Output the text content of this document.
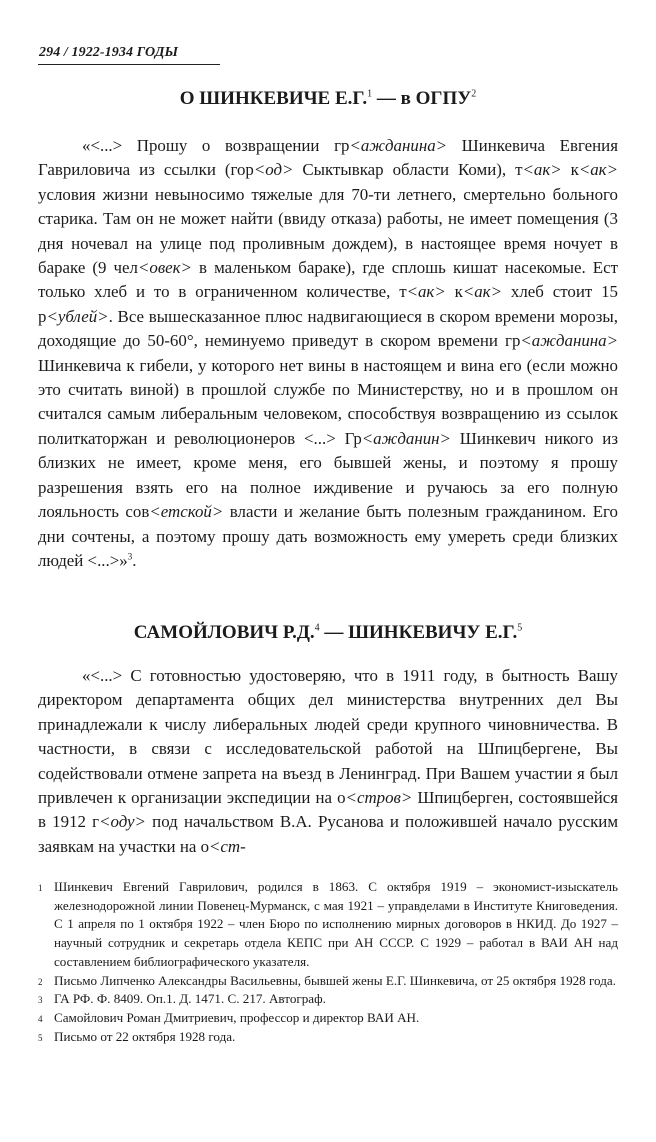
294 / 1922-1934 ГОДЫ
О ШИНКЕВИЧЕ Е.Г.$^1$ — в ОГПУ$^2$

«<...> Прошу о возвращении гр<ажданина> Шинкевича Евгения Гавриловича из ссылки (гор<од> Сыктывкар области Коми), т<ак> к<ак> условия жизни невыносимо тяжелые для 70-ти летнего, смертельно больного старика. Там он не может найти (ввиду отказа) работы, не имеет помещения (3 дня ночевал на улице под проливным дождем), в настоящее время ночует в бараке (9 чел<овек> в маленьком бараке), где сплошь кишат насекомые. Ест только хлеб и то в ограниченном количестве, т<ак> к<ак> хлеб стоит 15 р<ублей>. Все вышесказанное плюс надвигающиеся в скором времени морозы, доходящие до 50-60°, неминуемо приведут в скором времени гр<ажданина> Шинкевича к гибели, у которого нет вины в настоящем и вина его (если можно это считать виной) в прошлой службе по Министерству, но и в прошлом он считался самым либеральным человеком, способствуя возвращению из ссылок политкаторжан и революционеров <...> Гр<ажданин> Шинкевич никого из близких не имеет, кроме меня, его бывшей жены, и поэтому я прошу разрешения взять его на полное иждивение и ручаюсь за его полную лояльность сов<етской> власти и желание быть полезным гражданином. Его дни сочтены, а поэтому прошу дать возможность ему умереть среди близких людей <...>»$^3$.

САМОЙЛОВИЧ Р.Д.$^4$ — ШИНКЕВИЧУ Е.Г.$^5$

«<...> С готовностью удостоверяю, что в 1911 году, в бытность Вашу директором департамента общих дел министерства внутренних дел Вы принадлежали к числу либеральных людей среди крупного чиновничества. В частности, в связи с исследовательской работой на Шпицбергене, Вы содействовали отмене запрета на въезд в Ленинград. При Вашем участии я был привлечен к организации экспедиции на о<стров> Шпицберген, состоявшейся в 1912 г<оду> под начальством В.А. Русанова и положившей начало русским заявкам на участки на о<ст-

1 Шинкевич Евгений Гаврилович, родился в 1863. С октября 1919 – экономист-изыскатель железнодорожной линии Повенец-Мурманск, с мая 1921 – управделами в Институте Книговедения. С 1 апреля по 1 октября 1922 – член Бюро по исполнению мирных договоров в НКИД. До 1927 – научный сотрудник и секретарь отдела КЕПС при АН СССР. С 1929 – работал в ВАИ АН над составлением библиографического указателя.

2 Письмо Липченко Александры Васильевны, бывшей жены Е.Г. Шинкевича, от 25 октября 1928 года.

3 ГА РФ. Ф. 8409. Оп.1. Д. 1471. С. 217. Автограф.

4 Самойлович Роман Дмитриевич, профессор и директор ВАИ АН.

5 Письмо от 22 октября 1928 года.
